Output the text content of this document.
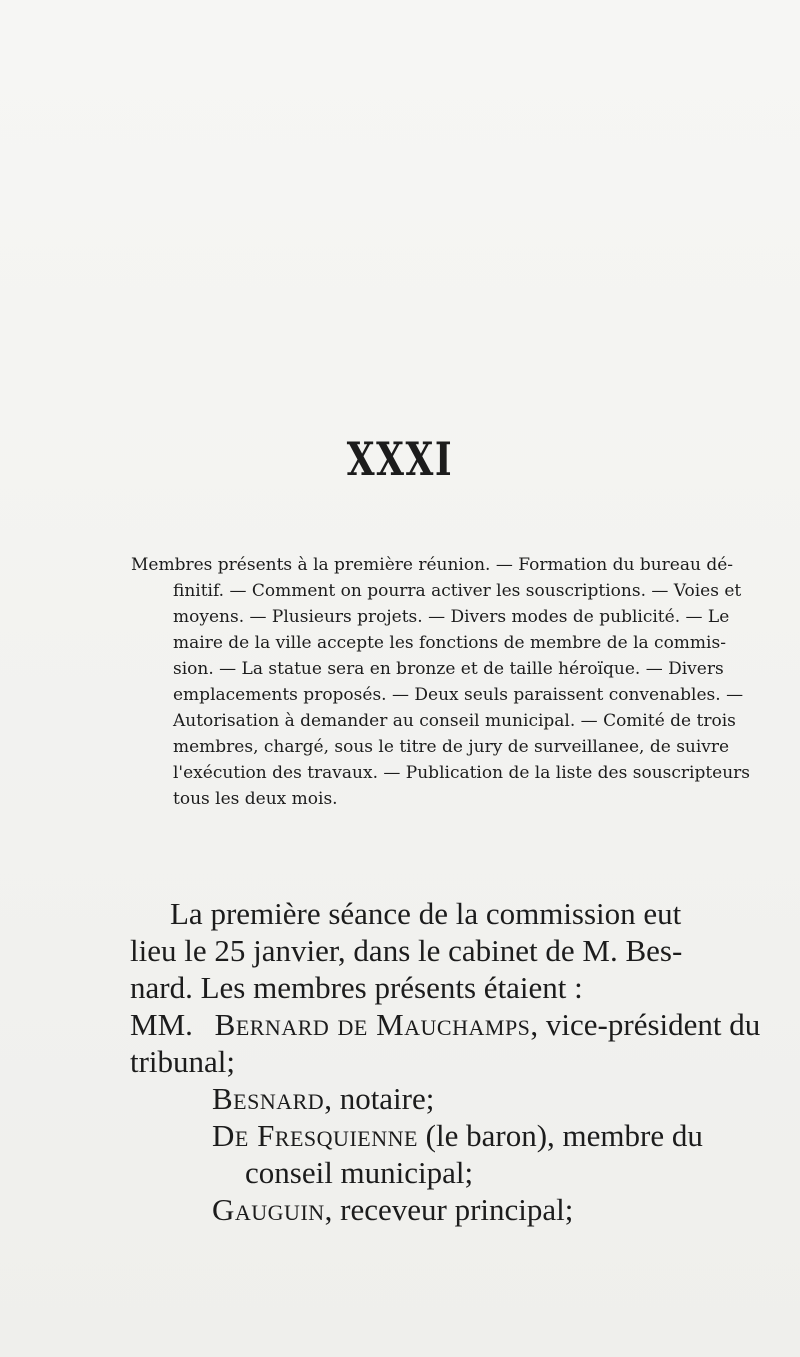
XXXI
Membres présents à la première réunion. — Formation du bureau dé-
finitif. — Comment on pourra activer les souscriptions. — Voies et
moyens. — Plusieurs projets. — Divers modes de publicité. — Le
maire de la ville accepte les fonctions de membre de la commis-
sion. — La statue sera en bronze et de taille héroïque. — Divers
emplacements proposés. — Deux seuls paraissent convenables. —
Autorisation à demander au conseil municipal. — Comité de trois
membres, chargé, sous le titre de jury de surveillanee, de suivre
l'exécution des travaux. — Publication de la liste des souscripteurs
tous les deux mois.
La première séance de la commission eut
lieu le 25 janvier, dans le cabinet de M. Bes-
nard. Les membres présents étaient :
MM. Bernard de Mauchamps, vice-président du tribunal;
Besnard, notaire;
De Fresquienne (le baron), membre du
conseil municipal;
Gauguin, receveur principal;
